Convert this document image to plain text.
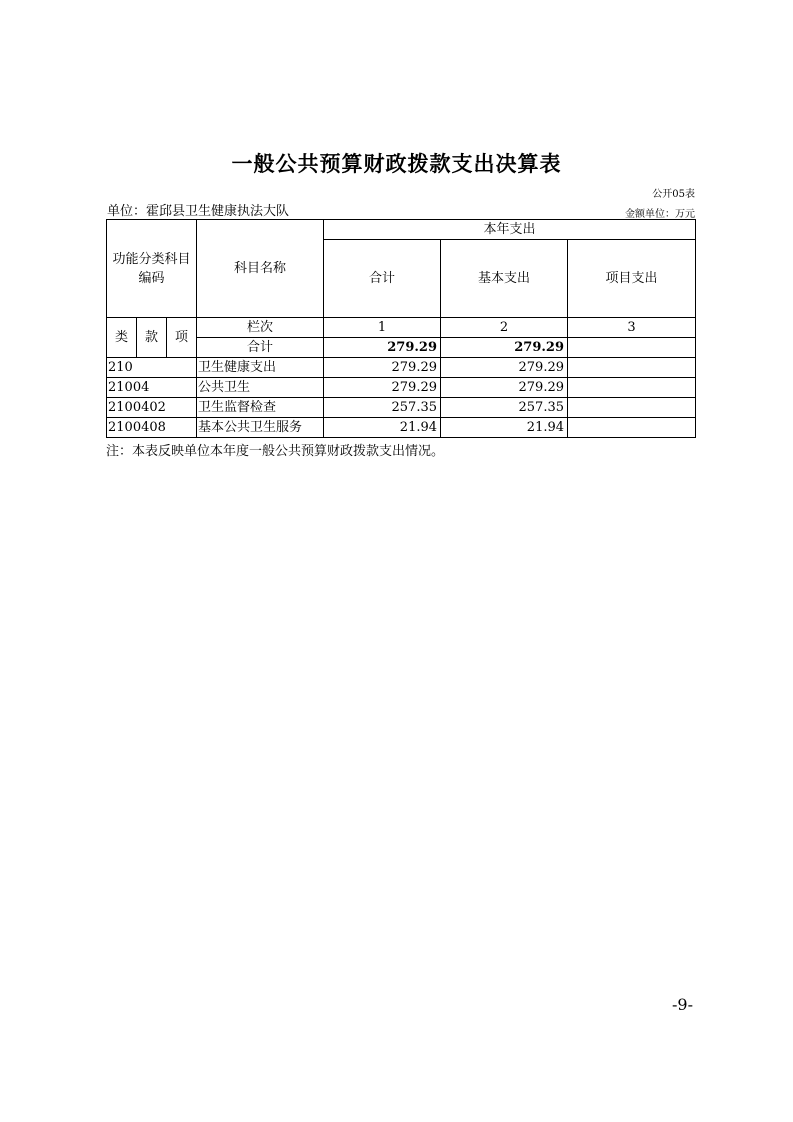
一般公共预算财政拨款支出决算表
公开05表
单位：霍邱县卫生健康执法大队	金额单位：万元
功能分类科目编码			科目名称	本年支出		
				合计	基本支出	项目支出
类	款	项	栏次	1	2	3
			合计	279.29	279.29	
210			卫生健康支出	279.29	279.29	
21004			公共卫生	279.29	279.29	
2100402			卫生监督检查	257.35	257.35	
2100408			基本公共卫生服务	21.94	21.94	
注：本表反映单位本年度一般公共预算财政拨款支出情况。
-9-
